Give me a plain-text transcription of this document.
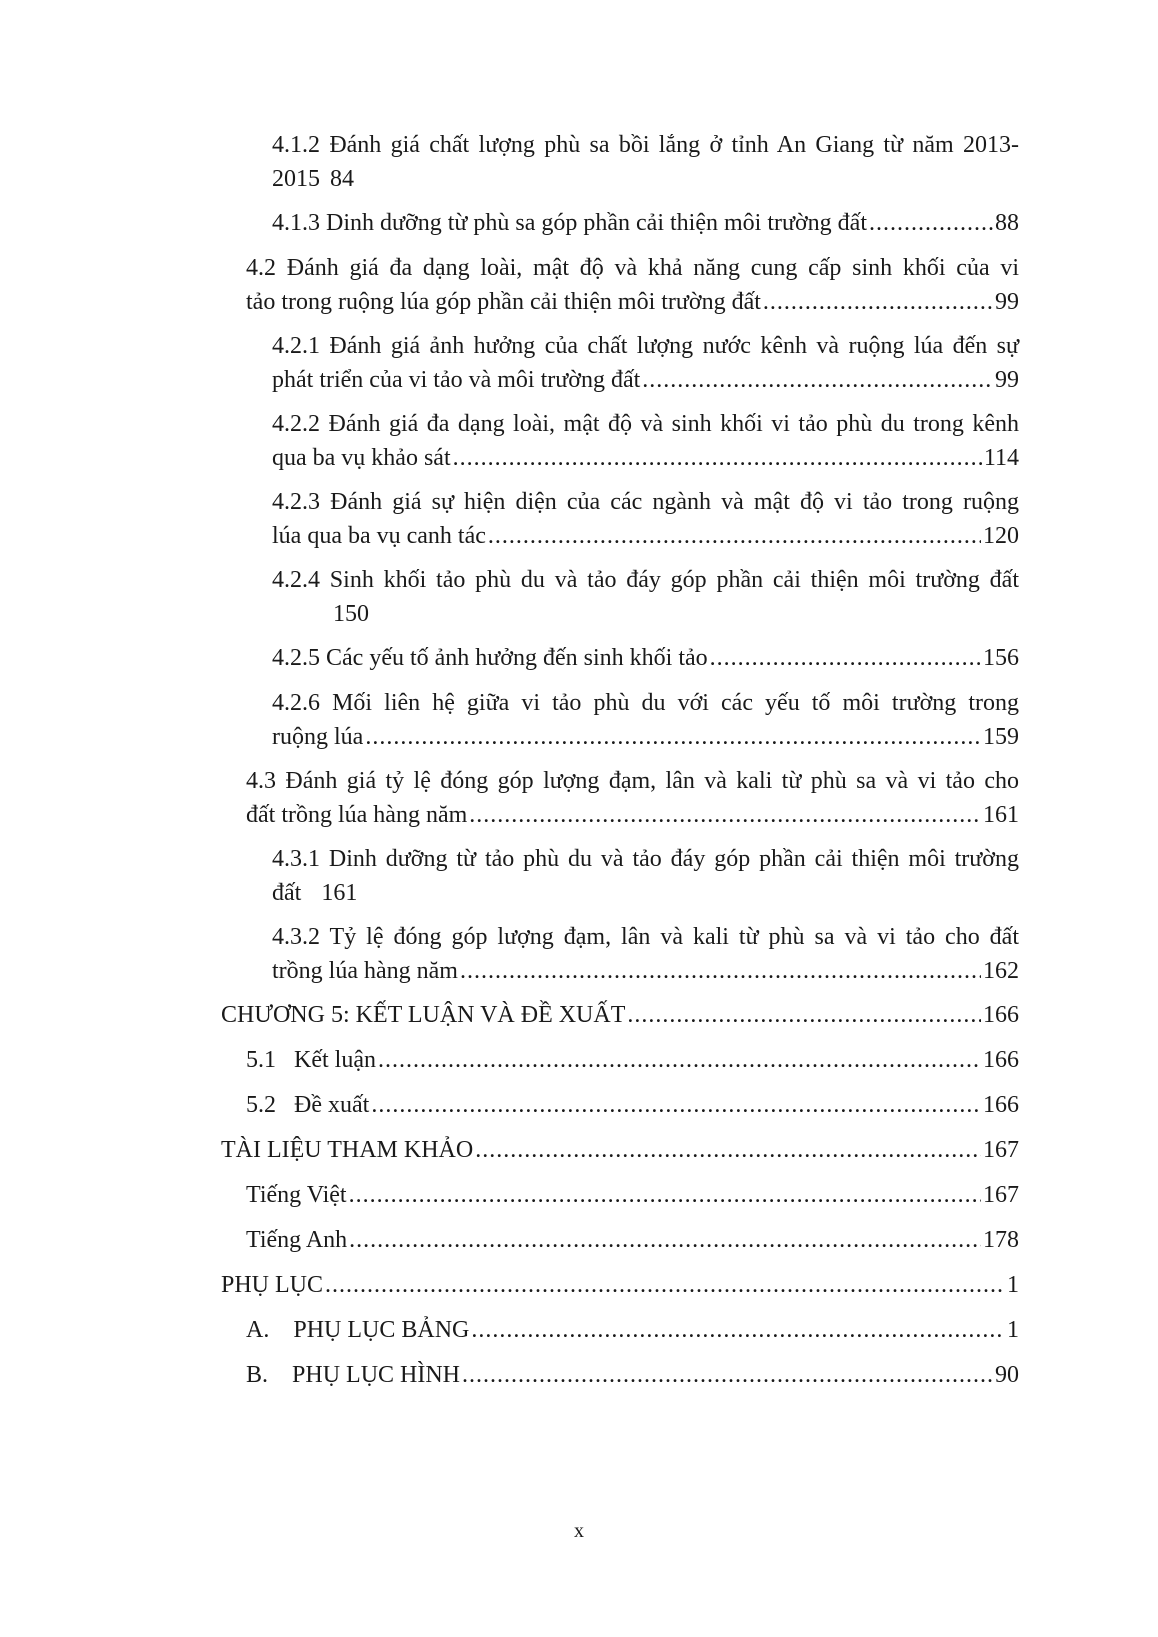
4.1.2 Đánh giá chất lượng phù sa bồi lắng ở tỉnh An Giang từ năm 2013-
2015 84
4.1.3 Dinh dưỡng từ phù sa góp phần cải thiện môi trường đất .....	88
4.2 Đánh giá đa dạng loài, mật độ và khả năng cung cấp sinh khối của vi
tảo trong ruộng lúa góp phần cải thiện môi trường đất .....	99
4.2.1 Đánh giá ảnh hưởng của chất lượng nước kênh và ruộng lúa đến sự
phát triển của vi tảo và môi trường đất .....	99
4.2.2 Đánh giá đa dạng loài, mật độ và sinh khối vi tảo phù du trong kênh
qua ba vụ khảo sát .....	114
4.2.3 Đánh giá sự hiện diện của các ngành và mật độ vi tảo trong ruộng
lúa qua ba vụ canh tác .....	120
4.2.4 Sinh khối tảo phù du và tảo đáy góp phần cải thiện môi trường đất
150
4.2.5 Các yếu tố ảnh hưởng đến sinh khối tảo .....	156
4.2.6 Mối liên hệ giữa vi tảo phù du với các yếu tố môi trường trong
ruộng lúa .....	159
4.3 Đánh giá tỷ lệ đóng góp lượng đạm, lân và kali từ phù sa và vi tảo cho
đất trồng lúa hàng năm .....	161
4.3.1 Dinh dưỡng từ tảo phù du và tảo đáy góp phần cải thiện môi trường
đất 161
4.3.2 Tỷ lệ đóng góp lượng đạm, lân và kali từ phù sa và vi tảo cho đất
trồng lúa hàng năm .....	162
CHƯƠNG 5: KẾT LUẬN VÀ ĐỀ XUẤT .....	166
5.1 Kết luận .....	166
5.2 Đề xuất .....	166
TÀI LIỆU THAM KHẢO .....	167
Tiếng Việt .....	167
Tiếng Anh .....	178
PHỤ LỤC .....	1
A. PHỤ LỤC BẢNG .....	1
B. PHỤ LỤC HÌNH .....	90
x
